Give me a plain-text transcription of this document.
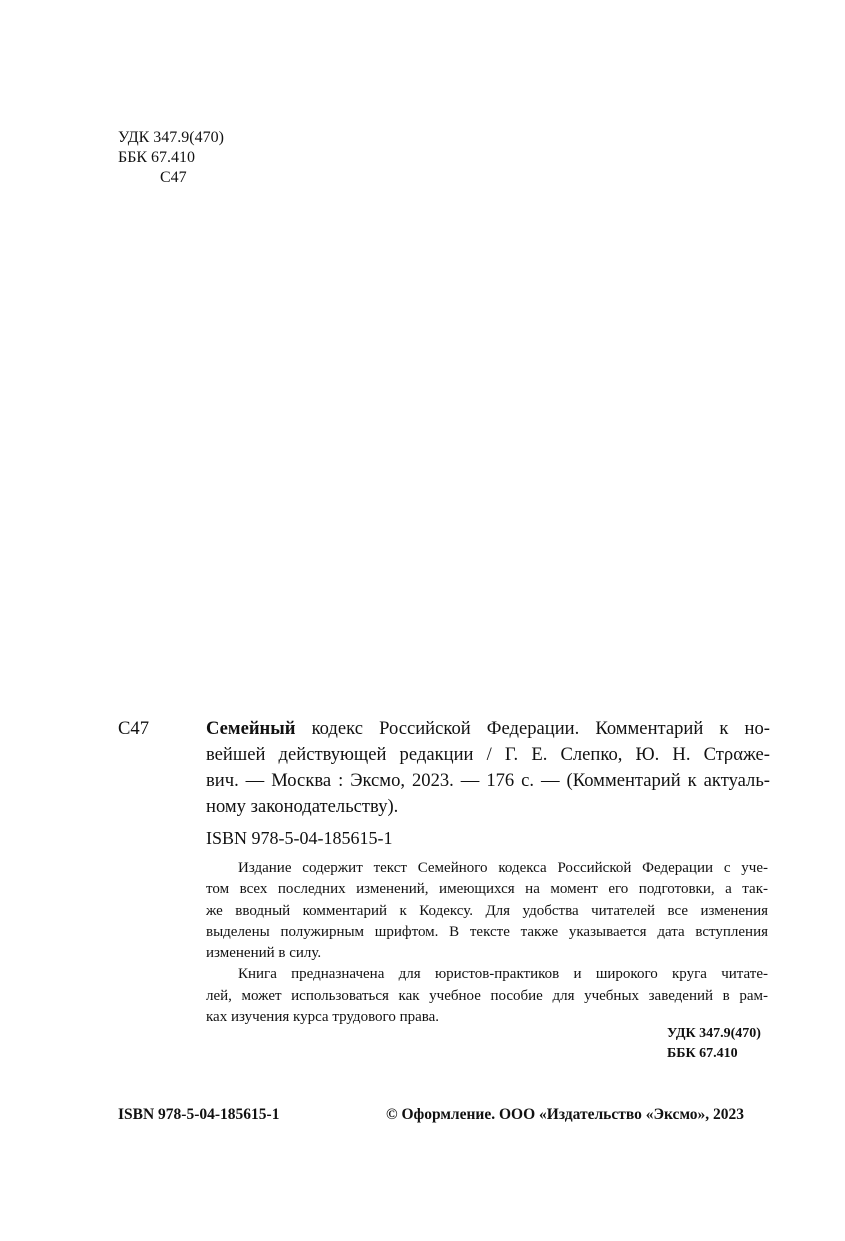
УДК 347.9(470)
ББК 67.410
С47
С47	Семейный кодекс Российской Федерации. Комментарий к но-
вейшей действующей редакции / Г. Е. Слепко, Ю. Н. Стραже-
вич. — Москва : Эксмо, 2023. — 176 с. — (Комментарий к актуаль-
ному законодательству).
ISBN 978-5-04-185615-1
Издание содержит текст Семейного кодекса Российской Федерации с уче-
том всех последних изменений, имеющихся на момент его подготовки, а так-
же вводный комментарий к Кодексу. Для удобства читателей все изменения
выделены полужирным шрифтом. В тексте также указывается дата вступления
изменений в силу.
Книга предназначена для юристов-практиков и широкого круга читате-
лей, может использоваться как учебное пособие для учебных заведений в рам-
ках изучения курса трудового права.
УДК 347.9(470)
ББК 67.410
ISBN 978-5-04-185615-1	© Оформление. ООО «Издательство «Эксмо», 2023
